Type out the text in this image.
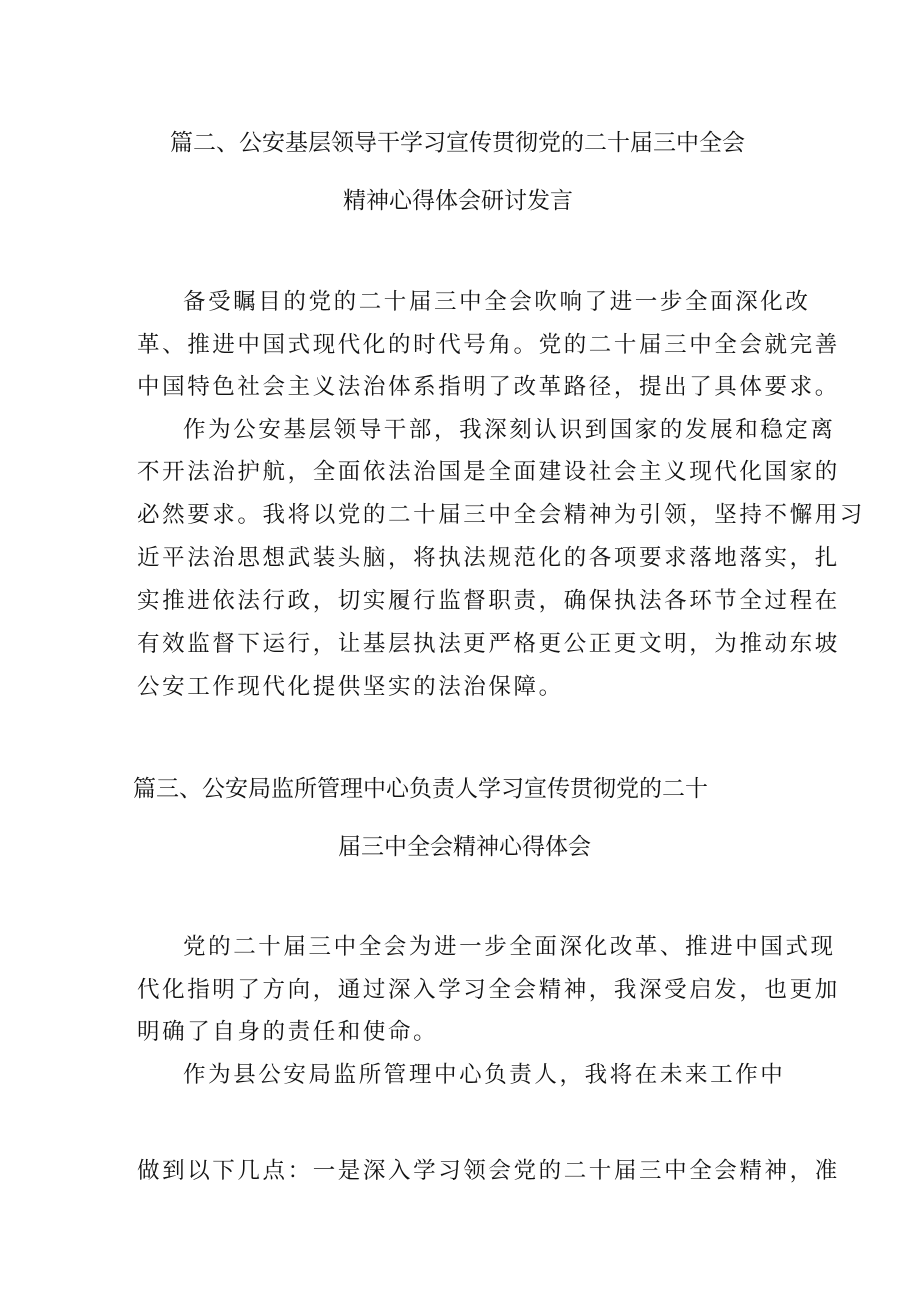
篇二、公安基层领导干学习宣传贯彻党的二十届三中全会
精神心得体会研讨发言
备受瞩目的党的二十届三中全会吹响了进一步全面深化改
革、推进中国式现代化的时代号角。党的二十届三中全会就完善
中国特色社会主义法治体系指明了改革路径，提出了具体要求。
作为公安基层领导干部，我深刻认识到国家的发展和稳定离
不开法治护航，全面依法治国是全面建设社会主义现代化国家的
必然要求。我将以党的二十届三中全会精神为引领，坚持不懈用习
近平法治思想武装头脑，将执法规范化的各项要求落地落实，扎
实推进依法行政，切实履行监督职责，确保执法各环节全过程在
有效监督下运行，让基层执法更严格更公正更文明，为推动东坡
公安工作现代化提供坚实的法治保障。
篇三、公安局监所管理中心负责人学习宣传贯彻党的二十
届三中全会精神心得体会
党的二十届三中全会为进一步全面深化改革、推进中国式现
代化指明了方向，通过深入学习全会精神，我深受启发，也更加
明确了自身的责任和使命。
作为县公安局监所管理中心负责人，我将在未来工作中
做到以下几点：一是深入学习领会党的二十届三中全会精神，准
